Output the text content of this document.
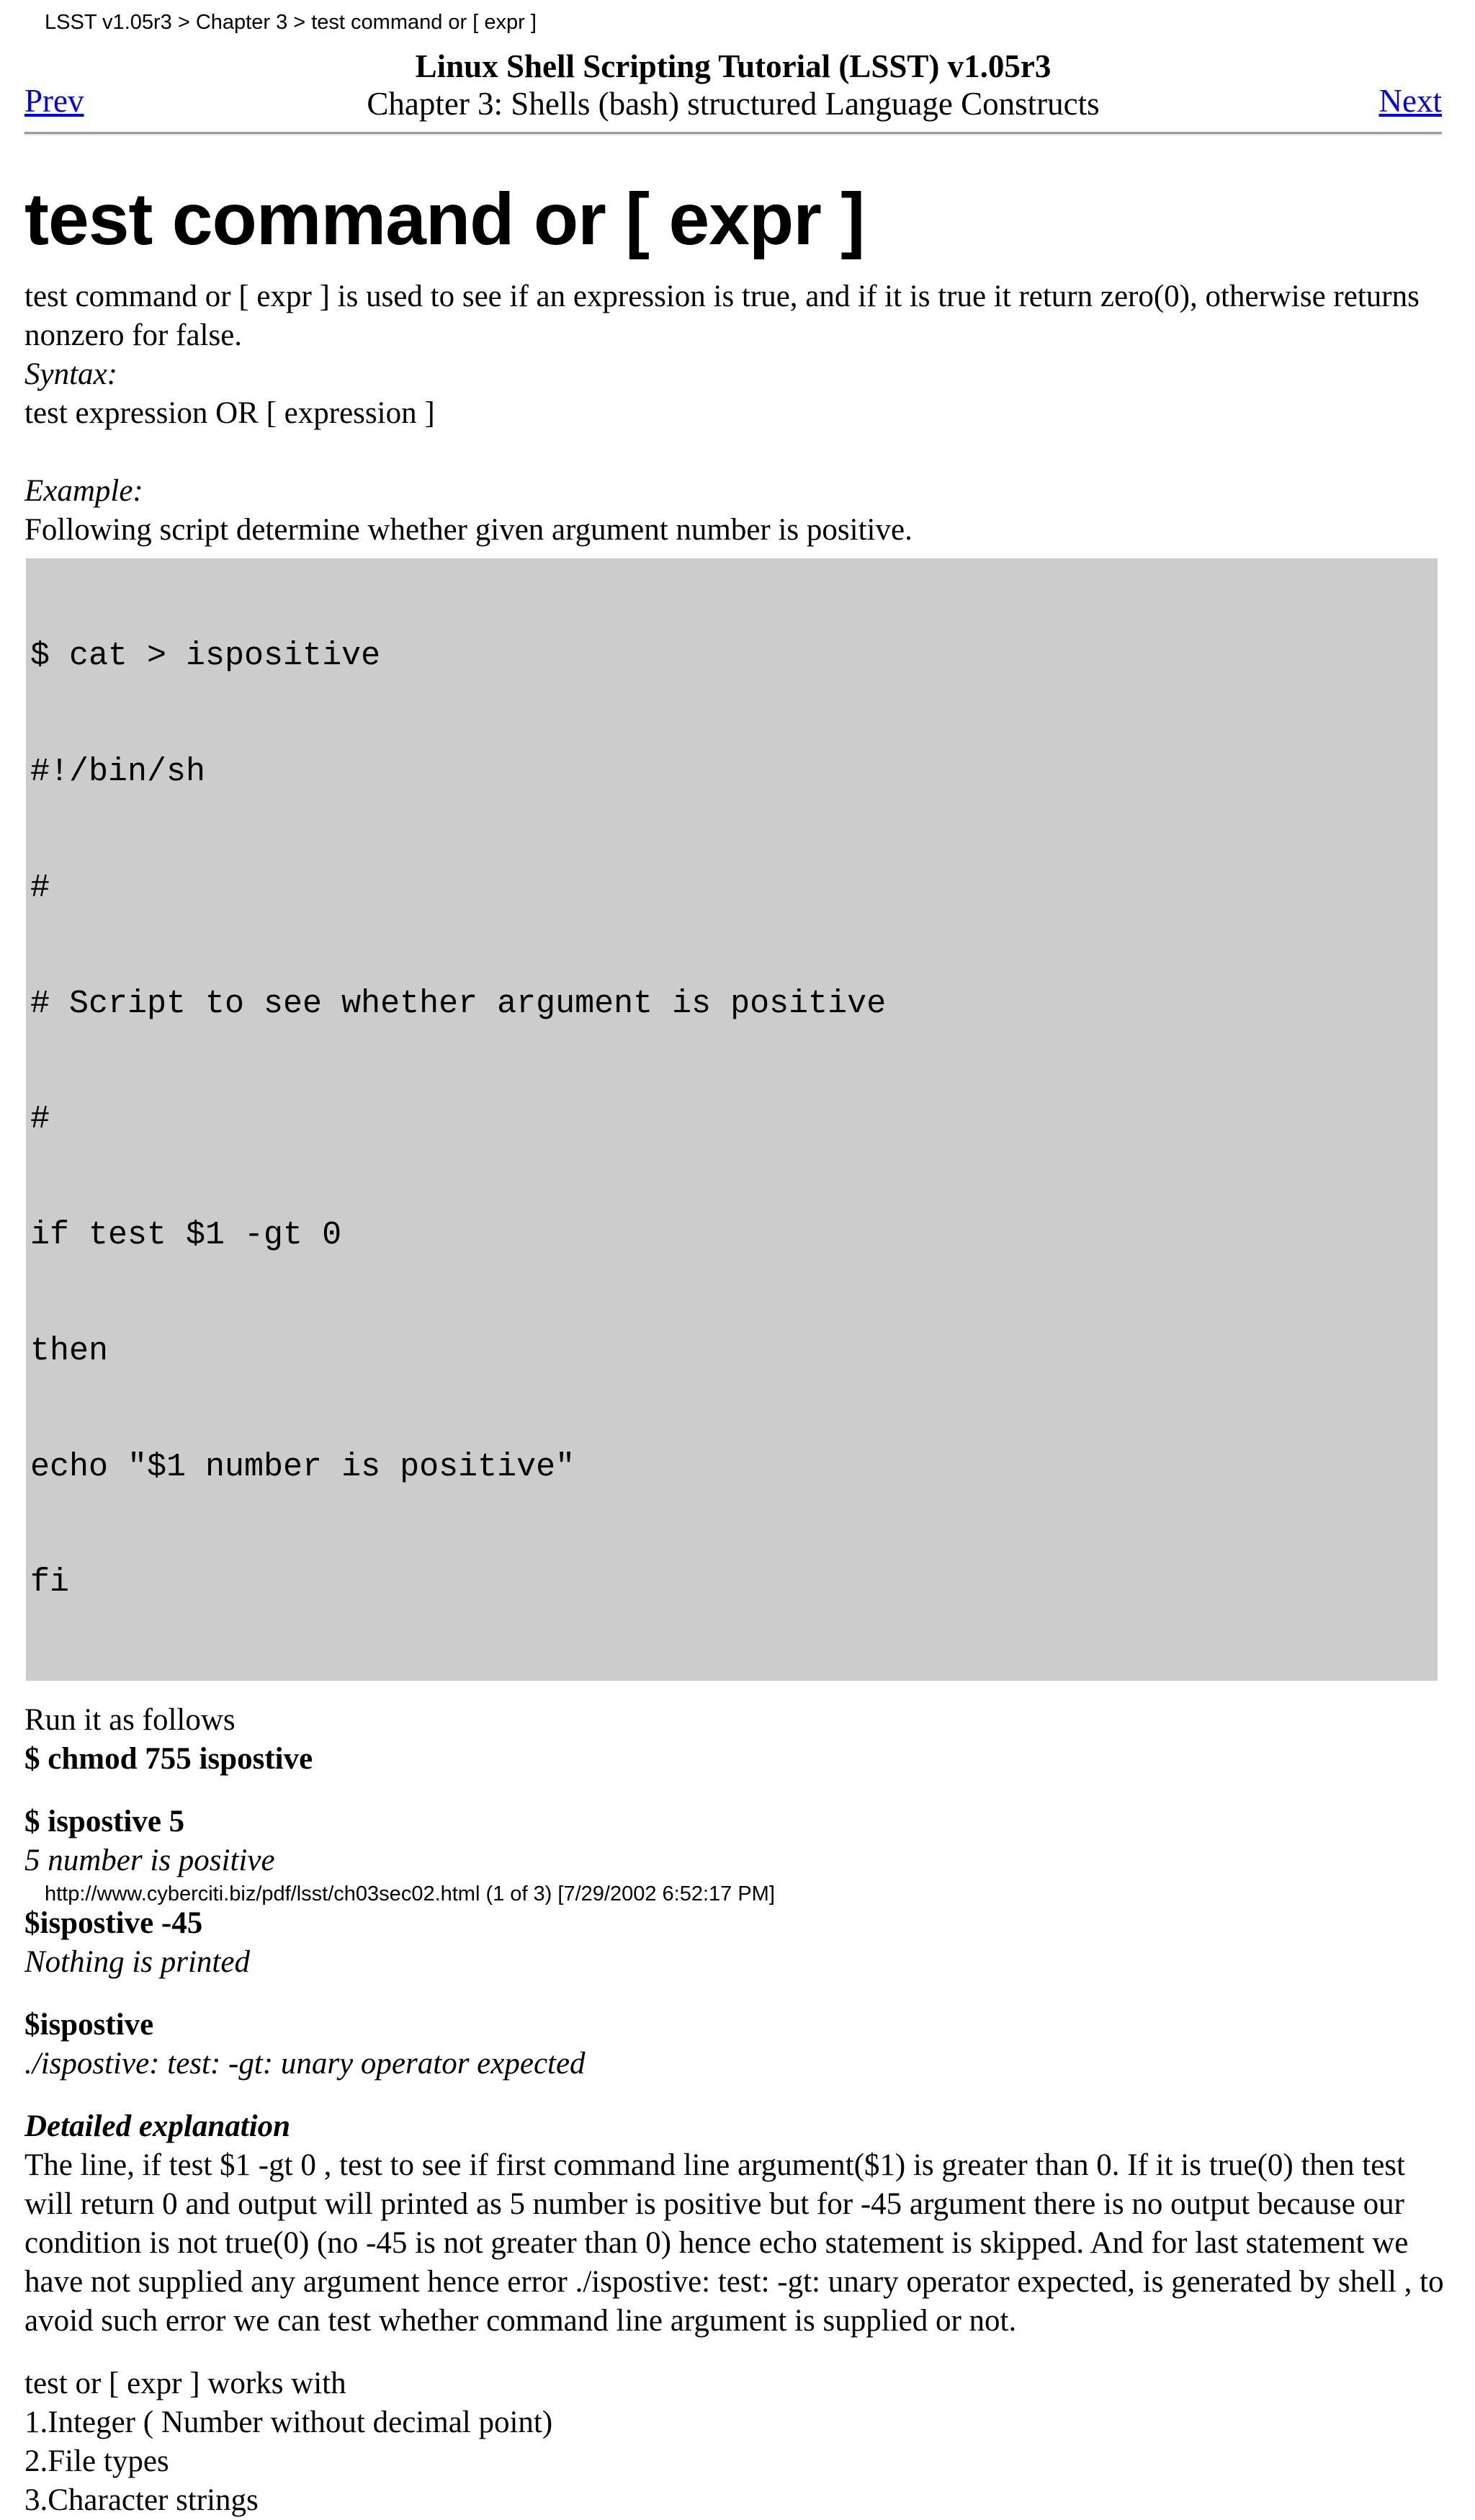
LSST v1.05r3 > Chapter 3 > test command or [ expr ]
Linux Shell Scripting Tutorial (LSST) v1.05r3
Chapter 3: Shells (bash) structured Language Constructs
Prev	Next
test command or [ expr ]

test command or [ expr ] is used to see if an expression is true, and if it is true it return zero(0), otherwise returns nonzero for false.

Syntax:

test expression OR [ expression ]

Example:

Following script determine whether given argument number is positive.

$ cat > ispositive

#!/bin/sh

#

# Script to see whether argument is positive

#

if test $1 -gt 0

then

echo "$1 number is positive"

fi

Run it as follows

$ chmod 755 ispostive

$ ispostive 5

5 number is positive

$ispostive -45

Nothing is printed

$ispostive

./ispostive: test: -gt: unary operator expected

Detailed explanation

The line, if test $1 -gt 0 , test to see if first command line argument($1) is greater than 0. If it is true(0) then test will return 0 and output will printed as 5 number is positive but for -45 argument there is no output because our condition is not true(0) (no -45 is not greater than 0) hence echo statement is skipped. And for last statement we have not supplied any argument hence error ./ispostive: test: -gt: unary operator expected, is generated by shell , to avoid such error we can test whether command line argument is supplied or not.

test or [ expr ] works with

1.Integer ( Number without decimal point)

2.File types

3.Character strings

http://www.cyberciti.biz/pdf/lsst/ch03sec02.html (1 of 3) [7/29/2002 6:52:17 PM]
